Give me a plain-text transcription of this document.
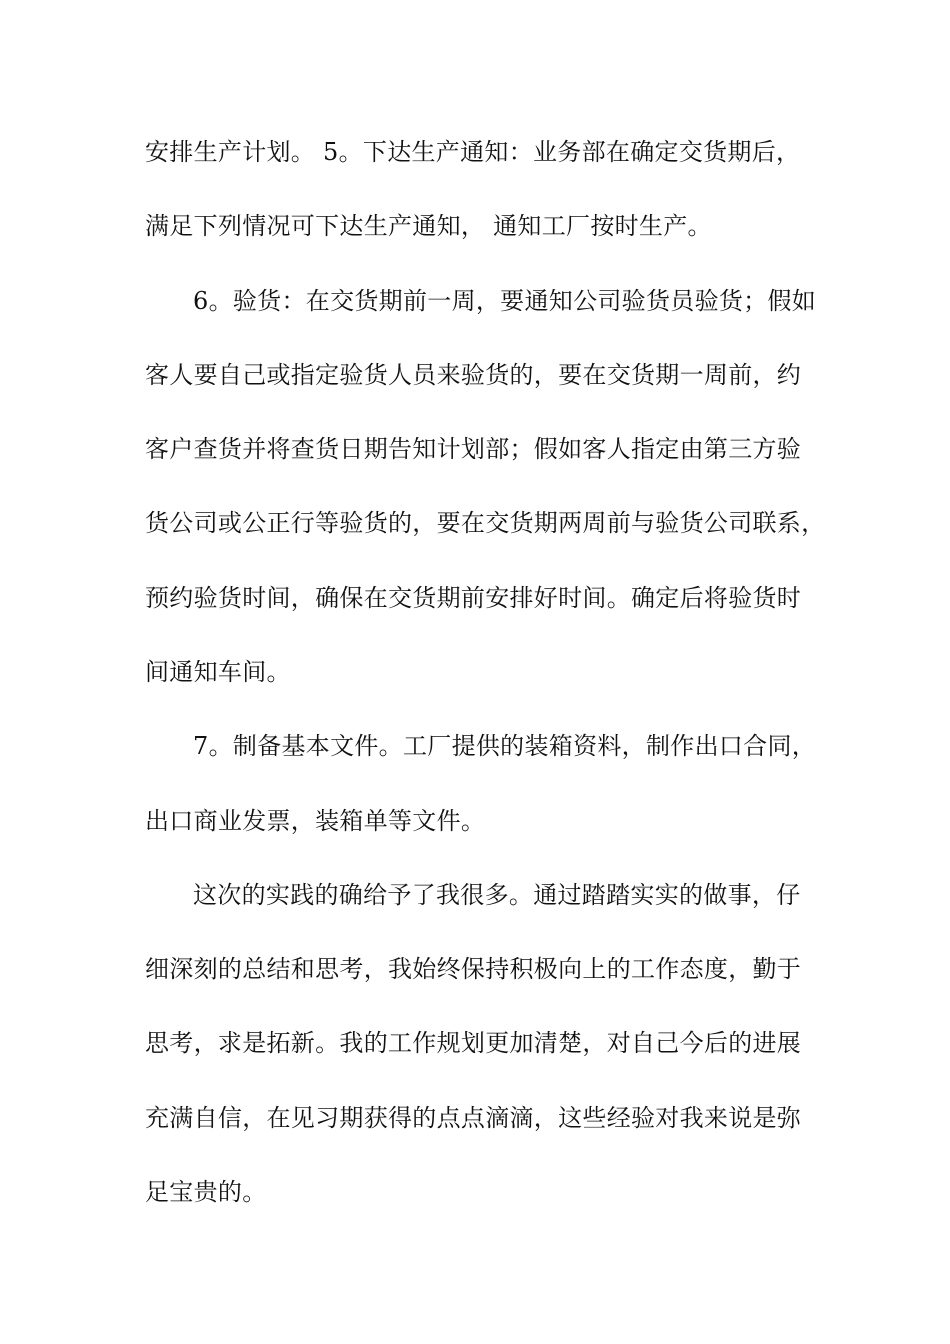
安排生产计划。 5。下达生产通知：业务部在确定交货期后，
满足下列情况可下达生产通知， 通知工厂按时生产。
6。验货：在交货期前一周，要通知公司验货员验货；假如
客人要自己或指定验货人员来验货的，要在交货期一周前，约
客户查货并将查货日期告知计划部；假如客人指定由第三方验
货公司或公正行等验货的，要在交货期两周前与验货公司联系，
预约验货时间，确保在交货期前安排好时间。确定后将验货时
间通知车间。
7。制备基本文件。工厂提供的装箱资料，制作出口合同，
出口商业发票，装箱单等文件。
这次的实践的确给予了我很多。通过踏踏实实的做事，仔
细深刻的总结和思考，我始终保持积极向上的工作态度，勤于
思考，求是拓新。我的工作规划更加清楚，对自己今后的进展
充满自信，在见习期获得的点点滴滴，这些经验对我来说是弥
足宝贵的。
